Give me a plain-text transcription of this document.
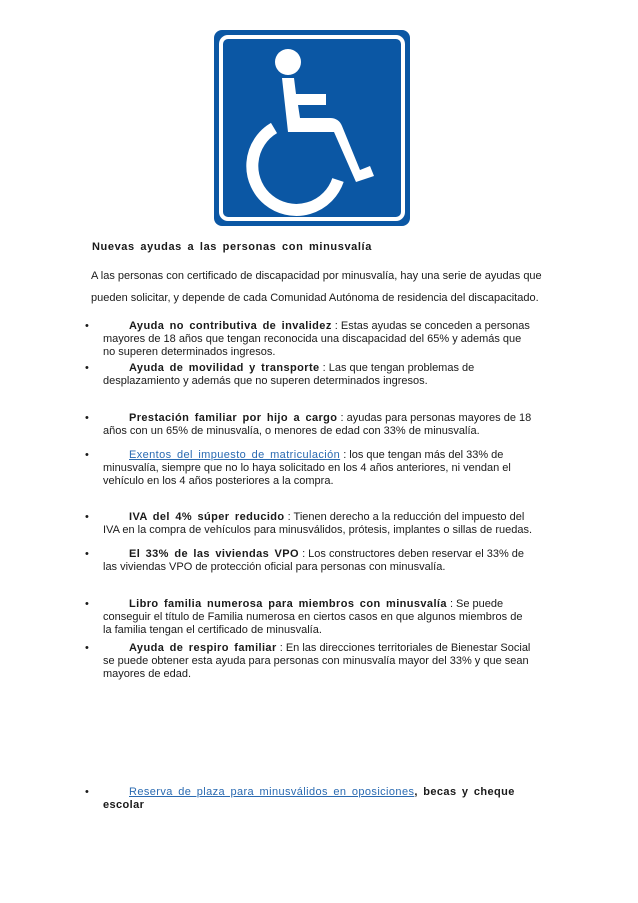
Nuevas ayudas a las personas con minusvalía
A las personas con certificado de discapacidad por minusvalía, hay una serie de ayudas que
pueden solicitar, y depende de cada Comunidad Autónoma de residencia del discapacitado.
•	Ayuda no contributiva de invalidez : Estas ayudas se conceden a personas mayores de 18 años que tengan reconocida una discapacidad del 65% y además que no superen determinados ingresos.
•	Ayuda de movilidad y transporte : Las que tengan problemas de desplazamiento y además que no superen determinados ingresos.
•	Prestación familiar por hijo a cargo : ayudas para personas mayores de 18 años con un 65% de minusvalía, o menores de edad con 33% de minusvalía.
•	Exentos del impuesto de matriculación : los que tengan más del 33% de minusvalía, siempre que no lo haya solicitado en los 4 años anteriores, ni vendan el vehículo en los 4 años posteriores a la compra.
•	IVA del 4% súper reducido : Tienen derecho a la reducción del impuesto del IVA en la compra de vehículos para minusválidos, prótesis, implantes o sillas de ruedas.
•	El 33% de las viviendas VPO : Los constructores deben reservar el 33% de las viviendas VPO de protección oficial para personas con minusvalía.
•	Libro familia numerosa para miembros con minusvalía : Se puede conseguir el título de Familia numerosa en ciertos casos en que algunos miembros de la familia tengan el certificado de minusvalía.
•	Ayuda de respiro familiar : En las direcciones territoriales de Bienestar Social se puede obtener esta ayuda para personas con minusvalía mayor del 33% y que sean mayores de edad.
•	Reserva de plaza para minusválidos en oposiciones, becas y cheque escolar
